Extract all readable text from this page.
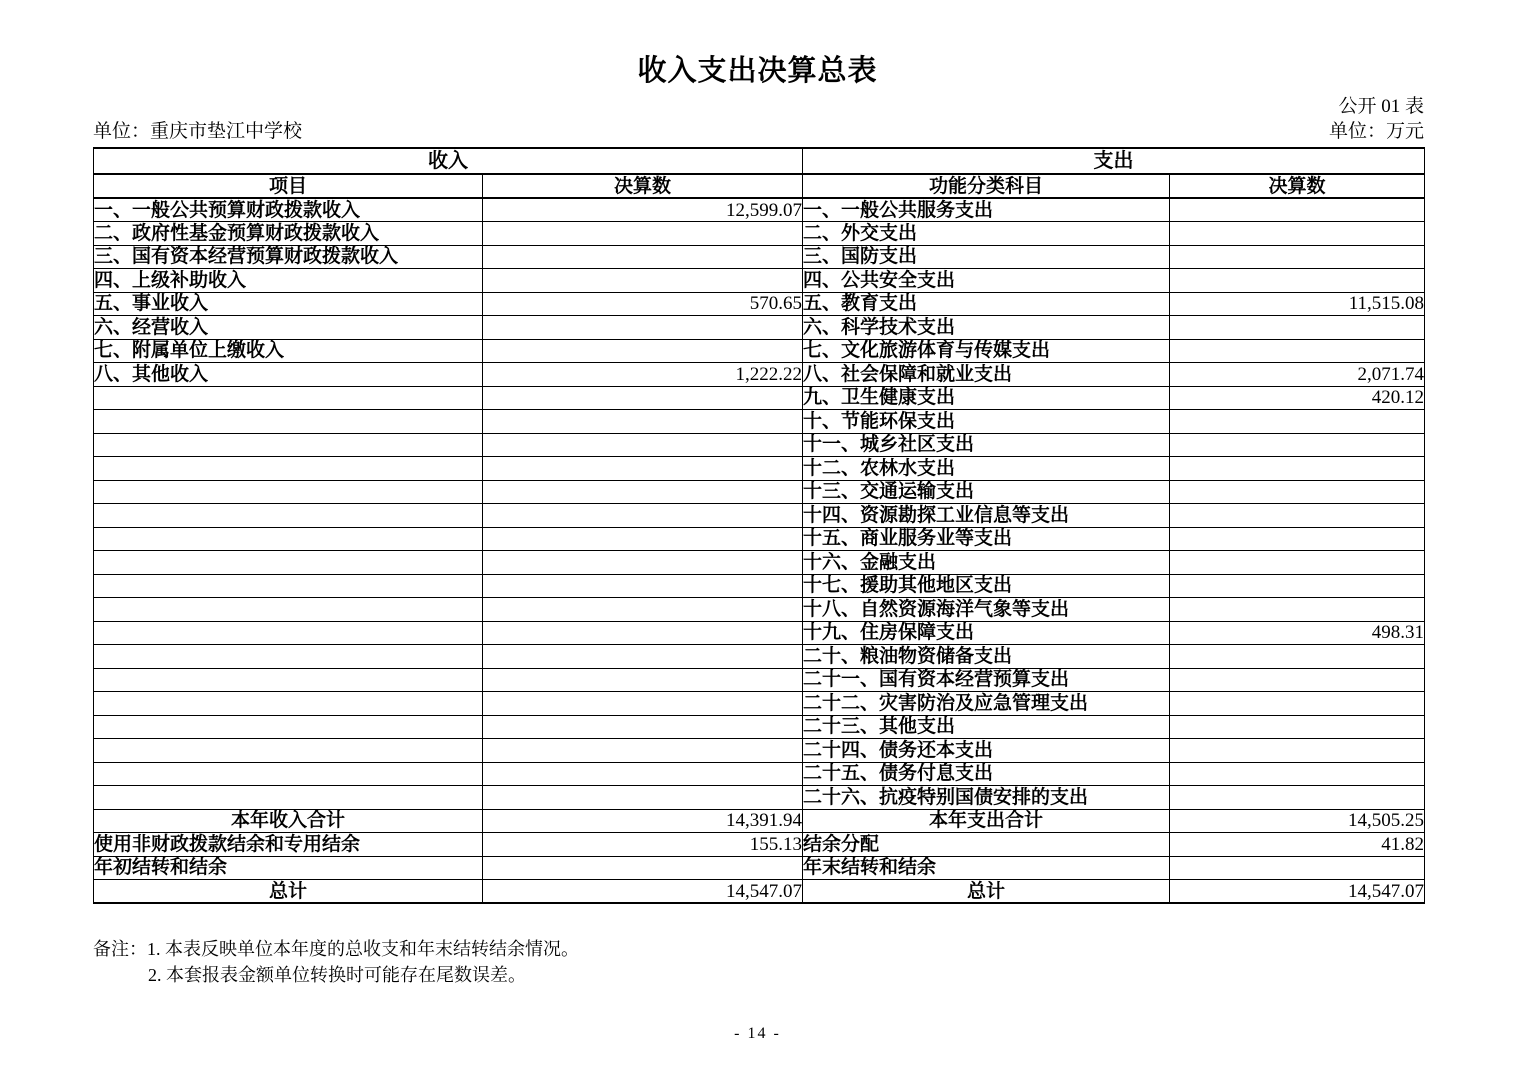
收入支出决算总表
公开 01 表
单位：重庆市垫江中学校	单位：万元
收入		支出	
项目	决算数	功能分类科目	决算数
一、一般公共预算财政拨款收入	12,599.07	一、一般公共服务支出	
二、政府性基金预算财政拨款收入		二、外交支出	
三、国有资本经营预算财政拨款收入		三、国防支出	
四、上级补助收入		四、公共安全支出	
五、事业收入	570.65	五、教育支出	11,515.08
六、经营收入		六、科学技术支出	
七、附属单位上缴收入		七、文化旅游体育与传媒支出	
八、其他收入	1,222.22	八、社会保障和就业支出	2,071.74
		九、卫生健康支出	420.12
		十、节能环保支出	
		十一、城乡社区支出	
		十二、农林水支出	
		十三、交通运输支出	
		十四、资源勘探工业信息等支出	
		十五、商业服务业等支出	
		十六、金融支出	
		十七、援助其他地区支出	
		十八、自然资源海洋气象等支出	
		十九、住房保障支出	498.31
		二十、粮油物资储备支出	
		二十一、国有资本经营预算支出	
		二十二、灾害防治及应急管理支出	
		二十三、其他支出	
		二十四、债务还本支出	
		二十五、债务付息支出	
		二十六、抗疫特别国债安排的支出	
本年收入合计	14,391.94	本年支出合计	14,505.25
使用非财政拨款结余和专用结余	155.13	结余分配	41.82
年初结转和结余		年末结转和结余	
总计	14,547.07	总计	14,547.07
备注：1. 本表反映单位本年度的总收支和年末结转结余情况。
2. 本套报表金额单位转换时可能存在尾数误差。
- 14 -
